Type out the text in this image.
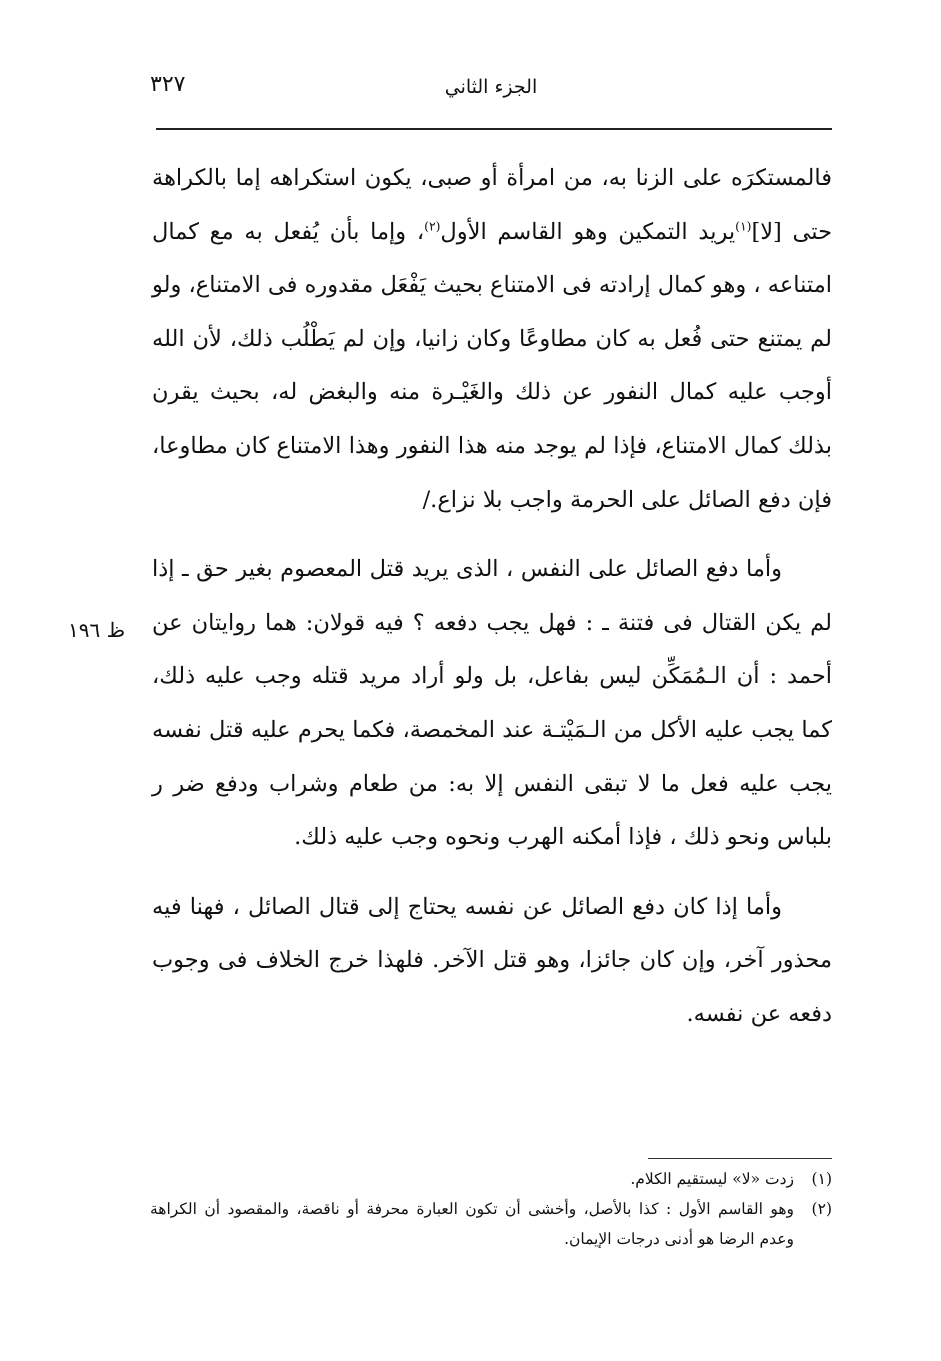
الجزء الثاني
٣٢٧

فالمستكرَه على الزنا به، من امرأة أو صبى، يكون استكراهه إما بالكراهة حتى [لا]$^{(١)}$يريد التمكين وهو القاسم الأول$^{(٢)}$، وإما بأن يُفعل به مع كمال امتناعه ، وهو كمال إرادته فى الامتناع بحيث يَفْعَل مقدوره فى الامتناع، ولو لم يمتنع حتى فُعل به كان مطاوعًا وكان زانيا، وإن لم يَطْلُب ذلك، لأن الله أوجب عليه كمال النفور عن ذلك والغَيْـرة منه والبغض له، بحيث يقرن بذلك كمال الامتناع، فإذا لم يوجد منه هذا النفور وهذا الامتناع كان مطاوعا، فإن دفع الصائل على الحرمة واجب بلا نزاع./

وأما دفع الصائل على النفس ، الذى يريد قتل المعصوم بغير حق ـ إذا لم يكن القتال فى فتنة ـ : فهل يجب دفعه ؟ فيه قولان: هما روايتان عن أحمد : أن الـمُمَكِّن ليس بفاعل، بل ولو أراد مريد قتله وجب عليه ذلك، كما يجب عليه الأكل من الـمَيْتـة عند المخمصة، فكما يحرم عليه قتل نفسه يجب عليه فعل ما لا تبقى النفس إلا به: من طعام وشراب ودفع ضر ر بلباس ونحو ذلك ، فإذا أمكنه الهرب ونحوه وجب عليه ذلك.

وأما إذا كان دفع الصائل عن نفسه يحتاج إلى قتال الصائل ، فهنا فيه محذور آخر، وإن كان جائزا، وهو قتل الآخر. فلهذا خرج الخلاف فى وجوب دفعه عن نفسه.

ظ ١٩٦
(١)
زدت «لا» ليستقيم الكلام.
(٢)
وهو القاسم الأول : كذا بالأصل، وأخشى أن تكون العبارة محرفة أو ناقصة، والمقصود أن الكراهة وعدم الرضا هو أدنى درجات الإيمان.
